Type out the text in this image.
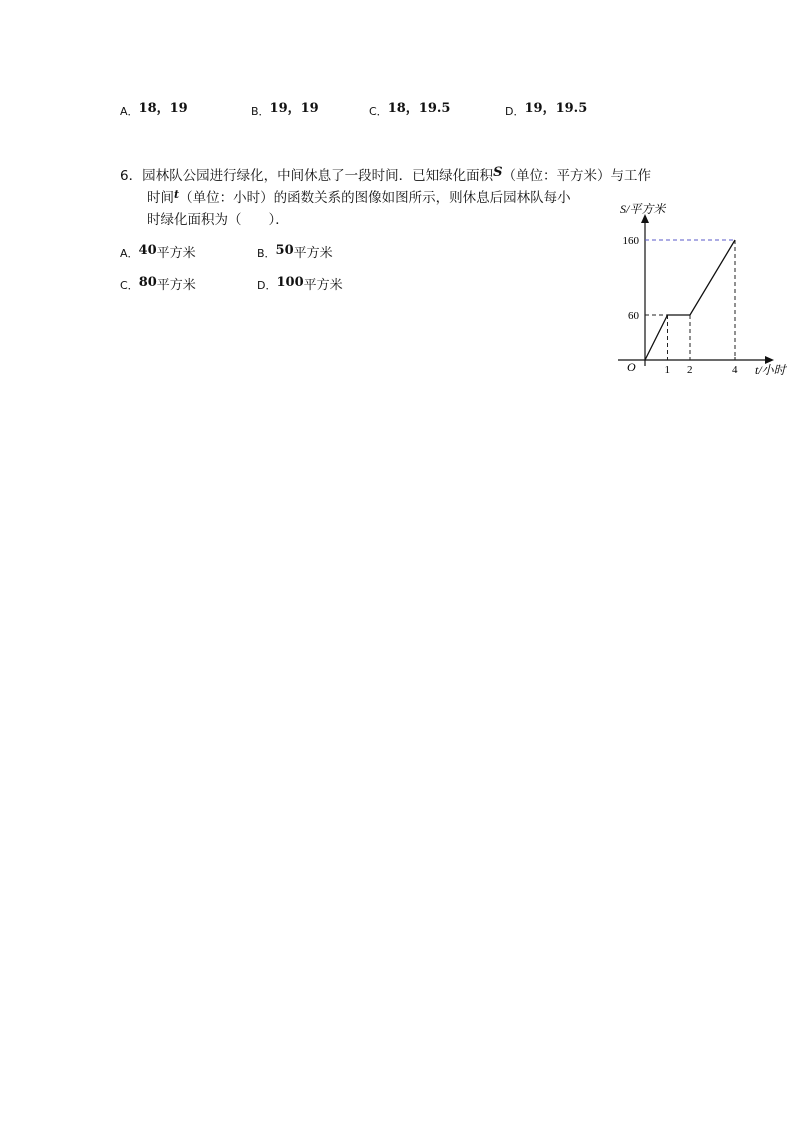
A．18，19	B．19，19	C．18，19.5	D．19，19.5
6．园林队公园进行绿化，中间休息了一段时间．已知绿化面积S（单位：平方米）与工作
时间$^t$（单位：小时）的函数关系的图像如图所示，则休息后园林队每小
时绿化面积为（　　）．
A．40平方米	B．50平方米
C．80平方米	D．100平方米
1 2	4
60
160
S/平方米
t/小时
O
